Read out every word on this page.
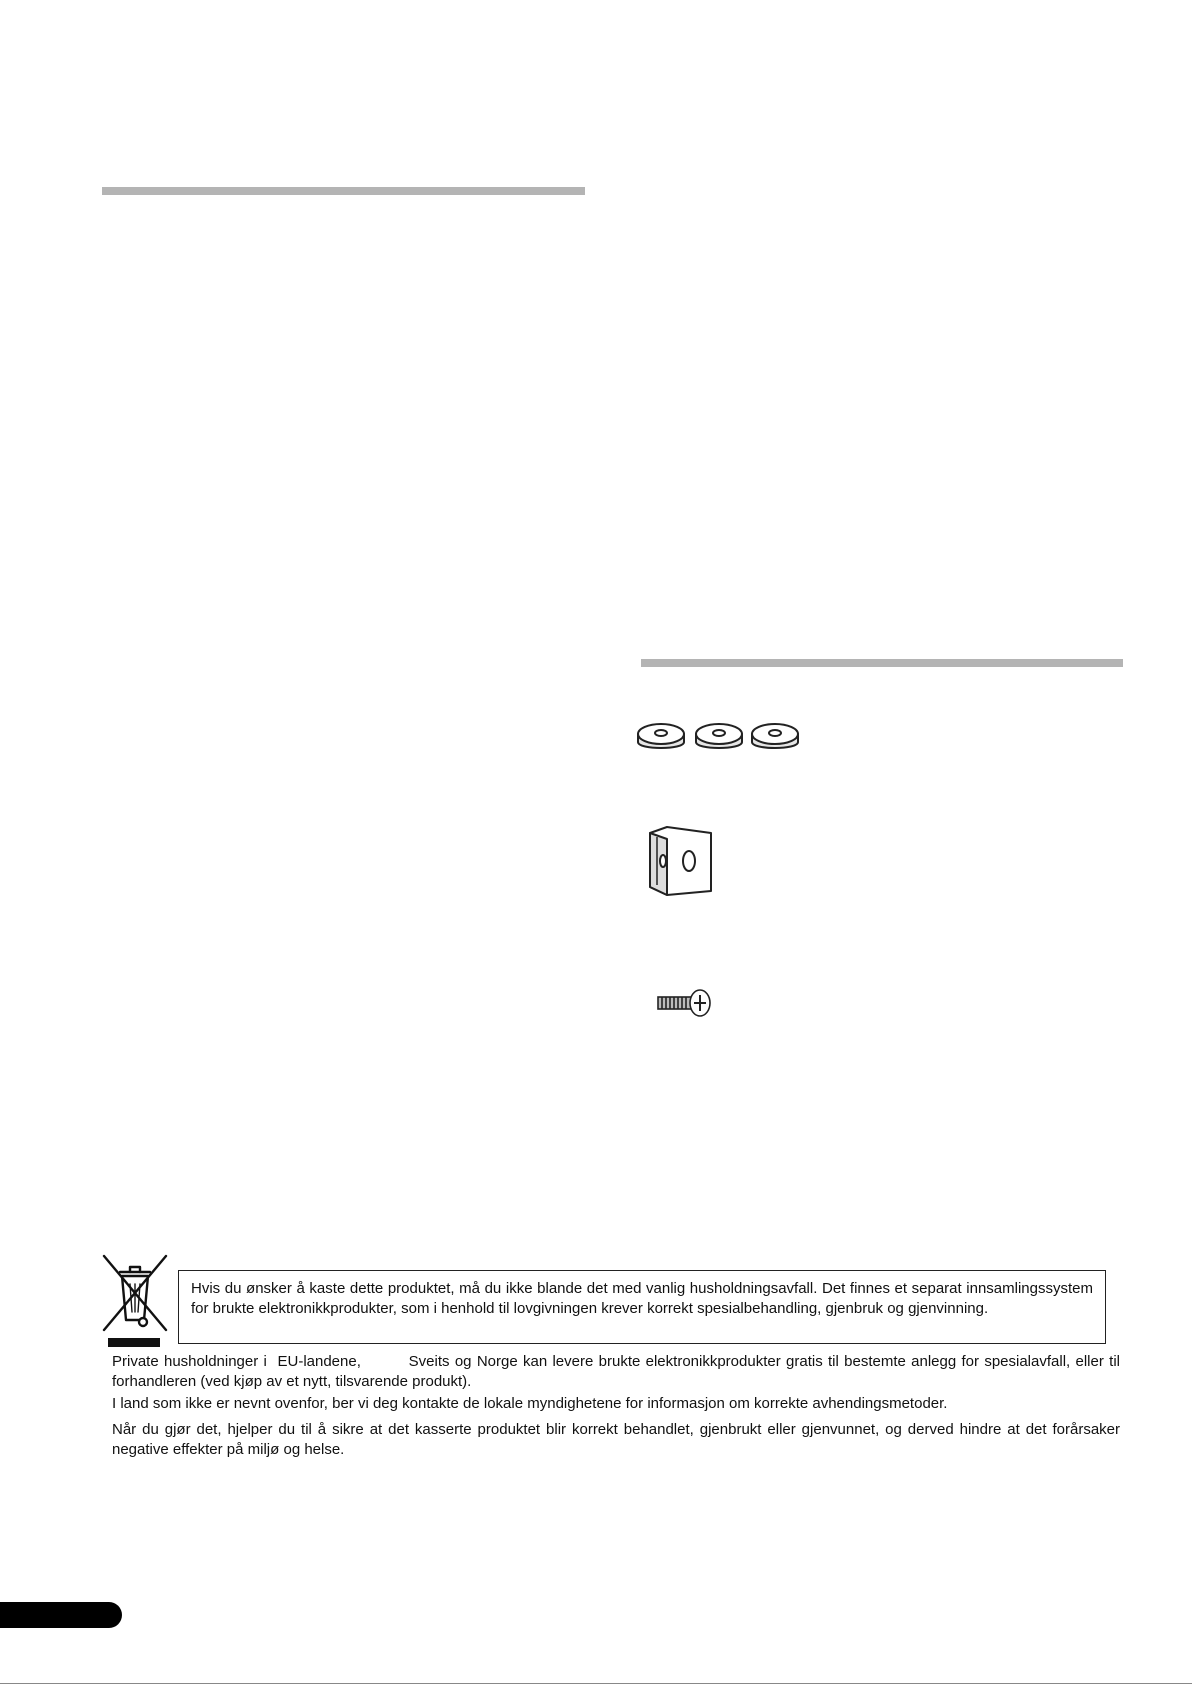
Hvis du ønsker å kaste dette produktet, må du ikke blande det med vanlig husholdningsavfall. Det finnes et separat innsamlingssystem for brukte elektronikkprodukter, som i henhold til lovgivningen krever korrekt spesialbehandling, gjenbruk og gjenvinning.
Private husholdninger i  EU-landene,         Sveits og Norge kan levere brukte elektronikkprodukter gratis til bestemte anlegg for spesialavfall, eller til forhandleren (ved kjøp av et nytt, tilsvarende produkt).
I land som ikke er nevnt ovenfor, ber vi deg kontakte de lokale myndighetene for informasjon om korrekte avhendingsmetoder.
Når du gjør det, hjelper du til å sikre at det kasserte produktet blir korrekt behandlet, gjenbrukt eller gjenvunnet, og derved hindre at det forårsaker negative effekter på miljø og helse.
